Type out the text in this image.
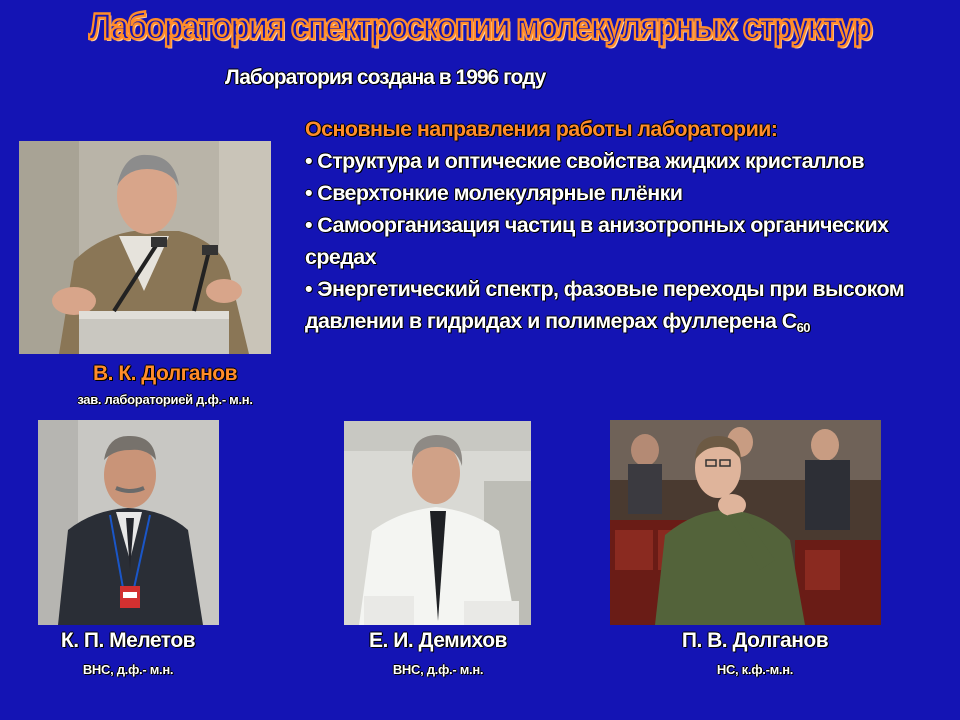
Лаборатория спектроскопии молекулярных структур
Лаборатория создана в 1996 году
Основные направления работы лаборатории:
• Структура и оптические свойства жидких кристаллов
• Сверхтонкие молекулярные плёнки
• Самоорганизация частиц в анизотропных органических средах
• Энергетический спектр, фазовые переходы при высоком давлении в гидридах и полимерах фуллерена $С_{60}$
В. К. Долганов
зав. лабораторией д.ф.- м.н.
К. П. Мелетов
ВНС, д.ф.- м.н.
Е. И. Демихов
ВНС, д.ф.- м.н.
П. В. Долганов
НС, к.ф.-м.н.
